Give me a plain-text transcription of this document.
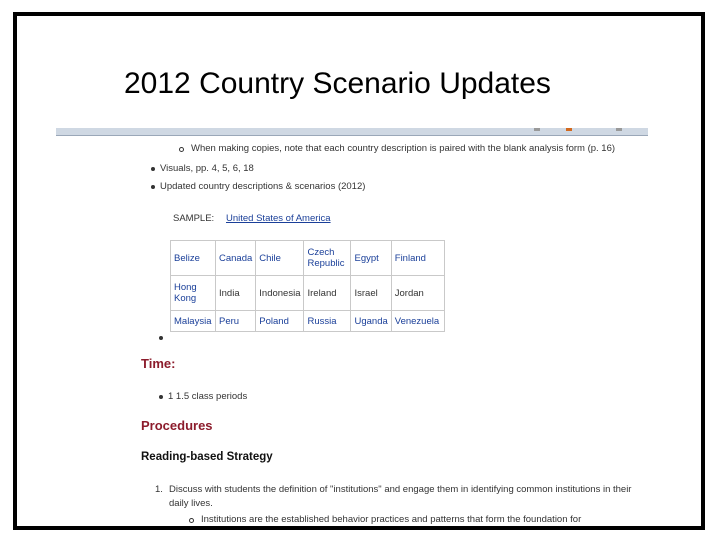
2012 Country Scenario Updates
When making copies, note that each country description is paired with the blank analysis form (p. 16)
Visuals, pp. 4, 5, 6, 18
Updated country descriptions & scenarios (2012)
SAMPLE: United States of America
Belize	Canada	Chile	Czech Republic	Egypt	Finland
Hong Kong	India	Indonesia	Ireland	Israel	Jordan
Malaysia	Peru	Poland	Russia	Uganda	Venezuela
Time:
1 1.5 class periods
Procedures
Reading-based Strategy
1. Discuss with students the definition of "institutions" and engage them in identifying common institutions in their
daily lives.
Institutions are the established behavior practices and patterns that form the foundation for
